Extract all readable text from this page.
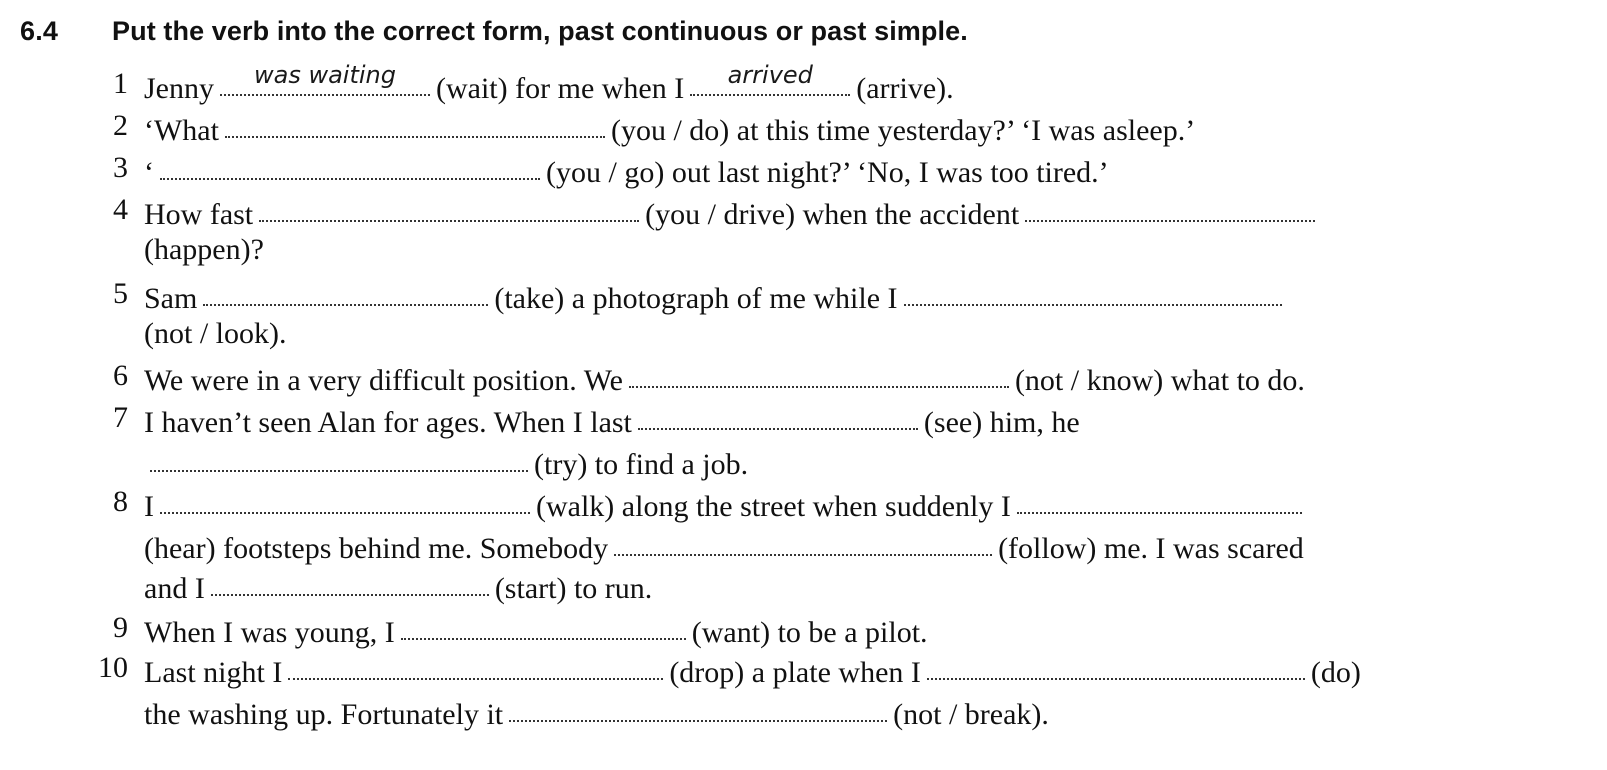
6.4 Put the verb into the correct form, past continuous or past simple.
1 Jenny	was waiting	(wait) for me when I	arrived	(arrive).
2 ‘What	(you / do) at this time yesterday?’ ‘I was asleep.’
3 ‘	(you / go) out last night?’ ‘No, I was too tired.’
4 How fast	(you / drive) when the accident
(happen)?
5 Sam	(take) a photograph of me while I
(not / look).
6 We were in a very difficult position. We	(not / know) what to do.
7 I haven’t seen Alan for ages. When I last	(see) him, he
(try) to find a job.
8 I	(walk) along the street when suddenly I
(hear) footsteps behind me. Somebody	(follow) me. I was scared
and I	(start) to run.
9 When I was young, I	(want) to be a pilot.
10 Last night I	(drop) a plate when I	(do)
the washing up. Fortunately it	(not / break).
